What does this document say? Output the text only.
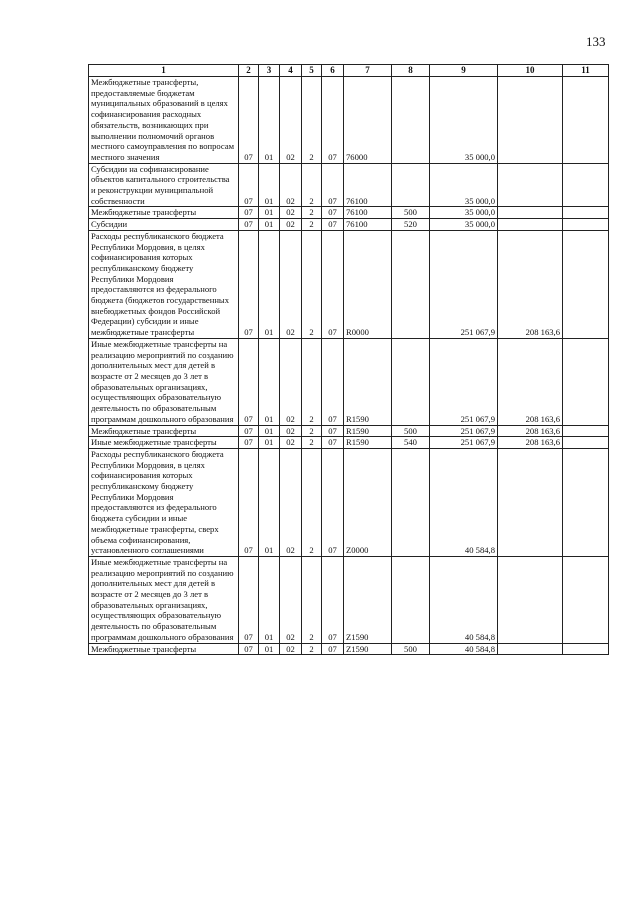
133
1	2	3	4	5	6	7	8	9	10	11
Межбюджетные трансферты, предоставляемые бюджетам муниципальных образований в целях софинансирования расходных обязательств, возникающих при выполнении полномочий органов местного самоуправления по вопросам местного значения	07	01	02	2	07	76000		35 000,0		
Субсидии на софинансирование объектов капитального строительства и реконструкции муниципальной собственности	07	01	02	2	07	76100		35 000,0		
Межбюджетные трансферты	07	01	02	2	07	76100	500	35 000,0		
Субсидии	07	01	02	2	07	76100	520	35 000,0		
Расходы республиканского бюджета Республики Мордовия, в целях софинансирования которых республиканскому бюджету Республики Мордовия предоставляются из федерального бюджета (бюджетов государственных внебюджетных фондов Российской Федерации) субсидии и иные межбюджетные трансферты	07	01	02	2	07	R0000		251 067,9	208 163,6	
Иные межбюджетные трансферты на реализацию мероприятий по созданию дополнительных мест для детей в возрасте от 2 месяцев до 3 лет в образовательных организациях, осуществляющих образовательную деятельность по образовательным программам дошкольного образования	07	01	02	2	07	R1590		251 067,9	208 163,6	
Межбюджетные трансферты	07	01	02	2	07	R1590	500	251 067,9	208 163,6	
Иные межбюджетные трансферты	07	01	02	2	07	R1590	540	251 067,9	208 163,6	
Расходы республиканского бюджета Республики Мордовия, в целях софинансирования которых республиканскому бюджету Республики Мордовия предоставляются из федерального бюджета субсидии и иные межбюджетные трансферты, сверх объема софинансирования, установленного соглашениями	07	01	02	2	07	Z0000		40 584,8		
Иные межбюджетные трансферты на реализацию мероприятий по созданию дополнительных мест для детей в возрасте от 2 месяцев до 3 лет в образовательных организациях, осуществляющих образовательную деятельность по образовательным программам дошкольного образования	07	01	02	2	07	Z1590		40 584,8		
Межбюджетные трансферты	07	01	02	2	07	Z1590	500	40 584,8		
